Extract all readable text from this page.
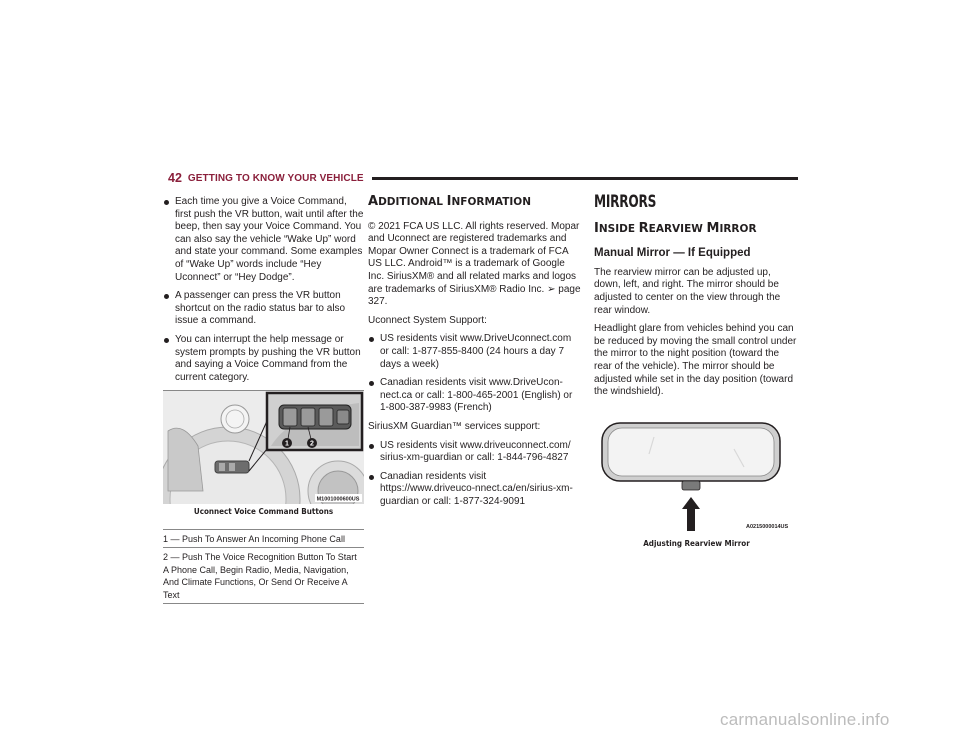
42 GETTING TO KNOW YOUR VEHICLE
Each time you give a Voice Command, first push the VR button, wait until after the beep, then say your Voice Command. You can also say the vehicle “Wake Up” word and state your command. Some examples of “Wake Up” words include “Hey Uconnect” or “Hey Dodge”.
A passenger can press the VR button shortcut on the radio status bar to also issue a command.
You can interrupt the help message or system prompts by pushing the VR button and saying a Voice Command from the current category.
1	2
M1001000600US
Uconnect Voice Command Buttons
1 — Push To Answer An Incoming Phone Call
2 — Push The Voice Recognition Button To Start A Phone Call, Begin Radio, Media, Navigation, And Climate Functions, Or Send Or Receive A Text
ADDITIONAL INFORMATION

© 2021 FCA US LLC. All rights reserved. Mopar and Uconnect are registered trademarks and Mopar Owner Connect is a trademark of FCA US LLC. Android™ is a trademark of Google Inc. SiriusXM® and all related marks and logos are trademarks of SiriusXM® Radio Inc. ➢ page 327.

Uconnect System Support:

US residents visit www.DriveUconnect.com or call: 1-877-855-8400 (24 hours a day 7 days a week)
Canadian residents visit www.DriveUcon-nect.ca or call: 1-800-465-2001 (English) or 1-800-387-9983 (French)

SiriusXM Guardian™ services support:

US residents visit www.driveuconnect.com/ sirius-xm-guardian or call: 1-844-796-4827
Canadian residents visit https://www.driveuco-nnect.ca/en/sirius-xm-guardian or call: 1-877-324-9091
MIRRORS
INSIDE REARVIEW MIRROR
Manual Mirror — If Equipped

The rearview mirror can be adjusted up, down, left, and right. The mirror should be adjusted to center on the view through the rear window.

Headlight glare from vehicles behind you can be reduced by moving the small control under the mirror to the night position (toward the rear of the vehicle). The mirror should be adjusted while set in the day position (toward the windshield).

A0215000014US
Adjusting Rearview Mirror
carmanualsonline.info
